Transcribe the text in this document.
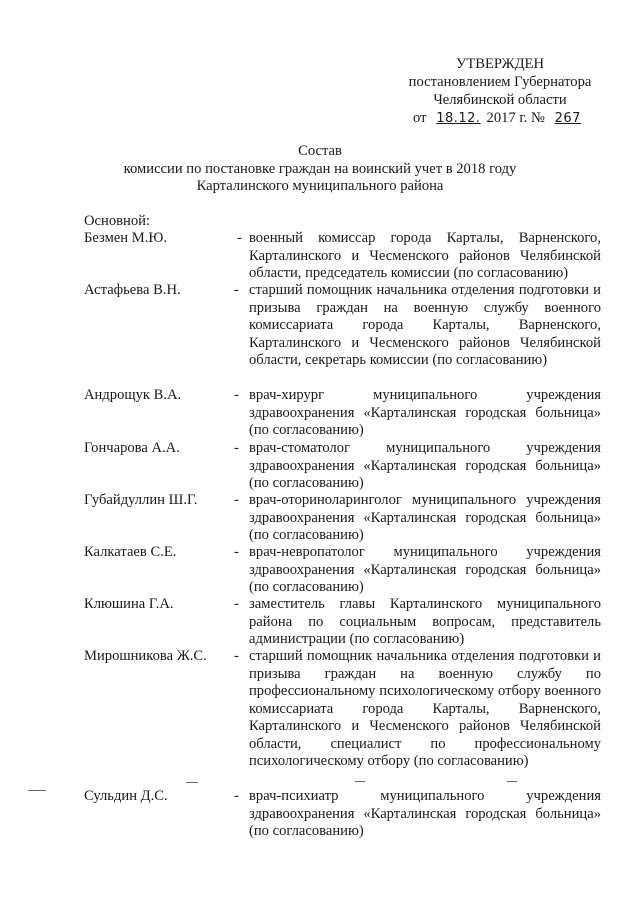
УТВЕРЖДЕН
постановлением Губернатора
Челябинской области
от 18.12. 2017 г. № 267
Состав
комиссии по постановке граждан на воинский учет в 2018 году
Карталинского муниципального района
Основной:
Безмен М.Ю.	- военный комиссар города Карталы, Варненского, Карталинского и Чесменского районов Челябинской области, председатель комиссии (по согласованию)
Астафьева В.Н.	- старший помощник начальника отделения подготовки и призыва граждан на военную службу военного комиссариата города Карталы, Варненского, Карталинского и Чесменского районов Челябинской области, секретарь комиссии (по согласованию)
Андрощук В.А.	- врач-хирург муниципального учреждения здравоохранения «Карталинская городская больница» (по согласованию)
Гончарова А.А.	- врач-стоматолог муниципального учреждения здравоохранения «Карталинская городская больница» (по согласованию)
Губайдуллин Ш.Г.	- врач-оториноларинголог муниципального учреждения здравоохранения «Карталинская городская больница» (по согласованию)
Калкатаев С.Е.	- врач-невропатолог муниципального учреждения здравоохранения «Карталинская городская больница» (по согласованию)
Клюшина Г.А.	- заместитель главы Карталинского муниципального района по социальным вопросам, представитель администрации (по согласованию)
Мирошникова Ж.С.	- старший помощник начальника отделения подготовки и призыва граждан на военную службу по профессиональному психологическому отбору военного комиссариата города Карталы, Варненского, Карталинского и Чесменского районов Челябинской области, специалист по профессиональному психологическому отбору (по согласованию)
Сульдин Д.С.	- врач-психиатр муниципального учреждения здравоохранения «Карталинская городская больница» (по согласованию)
